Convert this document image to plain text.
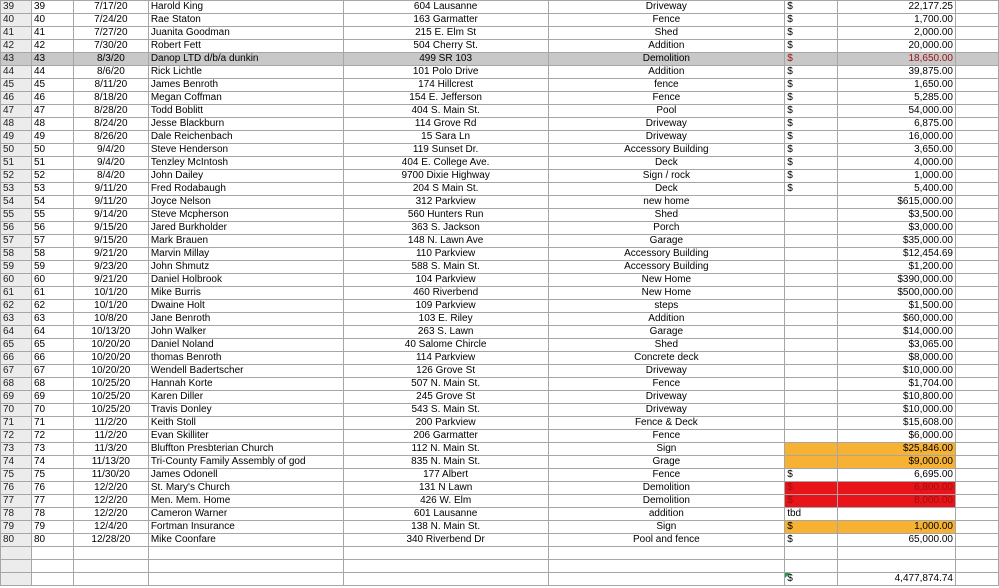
39	39	7/17/20	Harold King	604 Lausanne	Driveway	$	22,177.25	
40	40	7/24/20	Rae Staton	163 Garmatter	Fence	$	1,700.00	
41	41	7/27/20	Juanita Goodman	215 E. Elm St	Shed	$	2,000.00	
42	42	7/30/20	Robert Fett	504 Cherry St.	Addition	$	20,000.00	
43	43	8/3/20	Danop LTD d/b/a dunkin	499 SR 103	Demolition	$	18,650.00	
44	44	8/6/20	Rick Lichtle	101 Polo Drive	Addition	$	39,875.00	
45	45	8/11/20	James Benroth	174 Hillcrest	fence	$	1,650.00	
46	46	8/18/20	Megan Coffman	154 E. Jefferson	Fence	$	5,285.00	
47	47	8/28/20	Todd Boblitt	404 S. Main St.	Pool	$	54,000.00	
48	48	8/24/20	Jesse Blackburn	114 Grove Rd	Driveway	$	6,875.00	
49	49	8/26/20	Dale Reichenbach	15 Sara Ln	Driveway	$	16,000.00	
50	50	9/4/20	Steve Henderson	119 Sunset Dr.	Accessory Building	$	3,650.00	
51	51	9/4/20	Tenzley McIntosh	404 E. College Ave.	Deck	$	4,000.00	
52	52	8/4/20	John Dailey	9700 Dixie Highway	Sign / rock	$	1,000.00	
53	53	9/11/20	Fred Rodabaugh	204 S Main St.	Deck	$	5,400.00	
54	54	9/11/20	Joyce Nelson	312 Parkview	new home		$615,000.00	
55	55	9/14/20	Steve Mcpherson	560 Hunters Run	Shed		$3,500.00	
56	56	9/15/20	Jared Burkholder	363 S. Jackson	Porch		$3,000.00	
57	57	9/15/20	Mark Brauen	148 N. Lawn Ave	Garage		$35,000.00	
58	58	9/21/20	Marvin Millay	110 Parkview	Accessory Building		$12,454.69	
59	59	9/23/20	John Shmutz	588 S. Main St.	Accessory Building		$1,200.00	
60	60	9/21/20	Daniel Holbrook	104 Parkview	New Home		$390,000.00	
61	61	10/1/20	Mike Burris	460 Riverbend	New Home		$500,000.00	
62	62	10/1/20	Dwaine Holt	109 Parkview	steps		$1,500.00	
63	63	10/8/20	Jane Benroth	103 E. Riley	Addition		$60,000.00	
64	64	10/13/20	John Walker	263 S. Lawn	Garage		$14,000.00	
65	65	10/20/20	Daniel Noland	40 Salome Chircle	Shed		$3,065.00	
66	66	10/20/20	thomas Benroth	114 Parkview	Concrete deck		$8,000.00	
67	67	10/20/20	Wendell Badertscher	126 Grove St	Driveway		$10,000.00	
68	68	10/25/20	Hannah Korte	507 N. Main St.	Fence		$1,704.00	
69	69	10/25/20	Karen Diller	245 Grove St	Driveway		$10,800.00	
70	70	10/25/20	Travis Donley	543 S. Main St.	Driveway		$10,000.00	
71	71	11/2/20	Keith Stoll	200 Parkview	Fence & Deck		$15,608.00	
72	72	11/2/20	Evan Skilliter	206 Garmatter	Fence		$6,000.00	
73	73	11/3/20	Bluffton Presbterian Church	112 N. Main St.	Sign		$25,846.00	
74	74	11/13/20	Tri-County Family Assembly of god	835 N. Main St.	Grage		$9,000.00	
75	75	11/30/20	James Odonell	177 Albert	Fence	$	6,695.00	
76	76	12/2/20	St. Mary's Church	131 N Lawn	Demolition	$	6,800.00	
77	77	12/2/20	Men. Mem. Home	426 W. Elm	Demolition	$	8,000.00	
78	78	12/2/20	Cameron Warner	601 Lausanne	addition	tbd		
79	79	12/4/20	Fortman Insurance	138 N. Main St.	Sign	$	1,000.00	
80	80	12/28/20	Mike Coonfare	340 Riverbend Dr	Pool and fence	$	65,000.00	

						$	4,477,874.74	
